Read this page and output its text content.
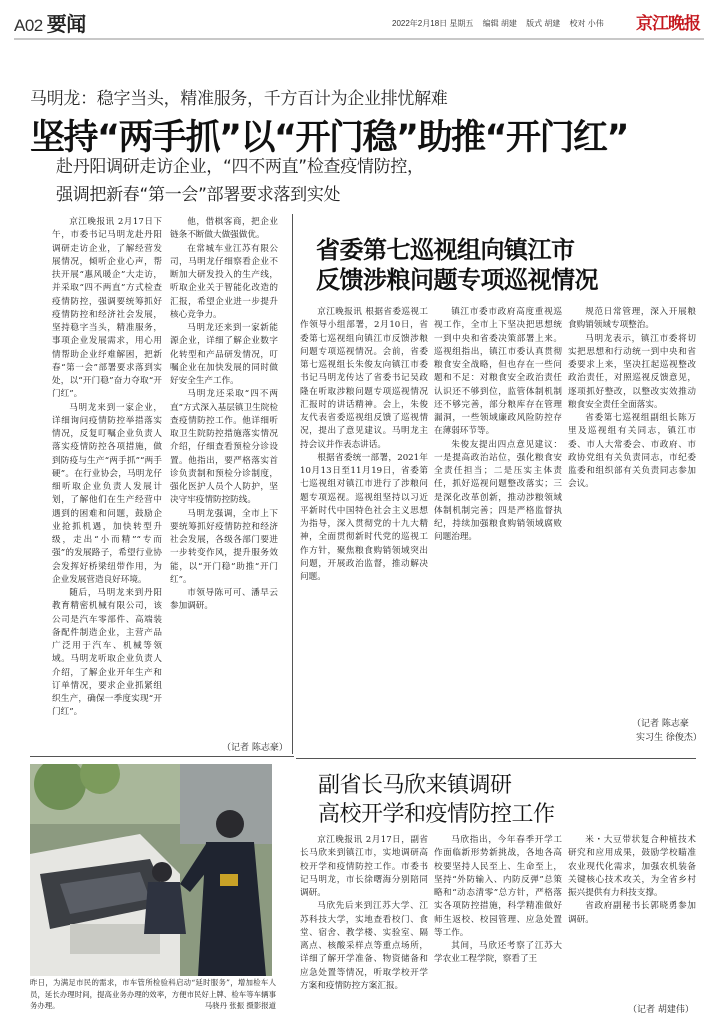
A02 要闻	2022年2月18日 星期五 编辑 胡建 版式 胡建 校对 小伟	京江晚报
马明龙：稳字当头，精准服务，千方百计为企业排忧解难
坚持“两手抓”以“开门稳”助推“开门红”
赴丹阳调研走访企业，“四不两直”检查疫情防控，
强调把新春“第一会”部署要求落到实处

京江晚报讯 2月17日下午，市委书记马明龙赴丹阳调研走访企业，了解经营发展情况，倾听企业心声，帮扶开展“惠风暖企”大走访，并采取“四不两直”方式检查疫情防控，强调要统筹抓好疫情防控和经济社会发展，坚持稳字当头，精准服务，事项企业发展需求，用心用情帮助企业纾难解困，把新春“第一会”部署要求落到实处，以“开门稳”奋力夺取“开门红”。

马明龙来到一家企业，详细询问疫情防控举措落实情况，反复叮嘱企业负责人落实疫情防控各项措施，做到防疫与生产“两手抓”“两手硬”。在行业协会，马明龙仔细听取企业负责人发展计划，了解他们在生产经营中遇到的困难和问题，鼓励企业抢抓机遇，加快转型升级，走出“小而精”“专而强”的发展路子，希望行业协会发挥好桥梁纽带作用，为企业发展营造良好环境。

随后，马明龙来到丹阳教育精密机械有限公司，该公司是汽车零部件、高端装备配件制造企业，主营产品广泛用于汽车、机械等领域。马明龙听取企业负责人介绍，了解企业开年生产和订单情况，要求企业抓紧组织生产，确保一季度实现“开门红”。

他，借棋客商，把企业链条不断做大做强做优。

在常城车业江苏有限公司，马明龙仔细察看企业不断加大研发投入的生产线，听取企业关于智能化改造的汇报，希望企业进一步提升核心竞争力。

马明龙还来到一家新能源企业，详细了解企业数字化转型和产品研发情况，叮嘱企业在加快发展的同时做好安全生产工作。

马明龙还采取“四不两直”方式深入基层镇卫生院检查疫情防控工作。他详细听取卫生院防控措施落实情况介绍，仔细查看预检分诊设置。他指出，要严格落实首诊负责制和预检分诊制度，强化医护人员个人防护，坚决守牢疫情防控防线。

马明龙强调，全市上下要统筹抓好疫情防控和经济社会发展，各级各部门要进一步转变作风，提升服务效能，以“开门稳”助推“开门红”。

市领导陈可可、潘早云参加调研。

（记者 陈志豪）
省委第七巡视组向镇江市
反馈涉粮问题专项巡视情况

京江晚报讯 根据省委巡视工作领导小组部署，2月10日，省委第七巡视组向镇江市反馈涉粮问题专项巡视情况。会前，省委第七巡视组长朱俊友向镇江市委书记马明龙传达了省委书记吴政隆在听取涉粮问题专项巡视情况汇报时的讲话精神。会上，朱俊友代表省委巡视组反馈了巡视情况，提出了意见建议。马明龙主持会议并作表态讲话。

根据省委统一部署，2021年10月13日至11月19日，省委第七巡视组对镇江市进行了涉粮问题专项巡视。巡视组坚持以习近平新时代中国特色社会主义思想为指导，深入贯彻党的十九大精神，全面贯彻新时代党的巡视工作方针，聚焦粮食购销领域突出问题，开展政治监督，推动解决问题。

镇江市委市政府高度重视巡视工作，全市上下坚决把思想统一到中央和省委决策部署上来。巡视组指出，镇江市委认真贯彻粮食安全战略，但也存在一些问题和不足：对粮食安全政治责任认识还不够到位，监管体制机制还不够完善，部分粮库存在管理漏洞，一些领域廉政风险防控存在薄弱环节等。

朱俊友提出四点意见建议：一是提高政治站位，强化粮食安全责任担当；二是压实主体责任，抓好巡视问题整改落实；三是深化改革创新，推动涉粮领域体制机制完善；四是严格监督执纪，持续加强粮食购销领域腐败问题治理。

规范日常管理，深入开展粮食购销领域专项整治。

马明龙表示，镇江市委将切实把思想和行动统一到中央和省委要求上来，坚决扛起巡视整改政治责任，对照巡视反馈意见，逐项抓好整改，以整改实效推动粮食安全责任全面落实。

省委第七巡视组副组长陈万里及巡视组有关同志，镇江市委、市人大常委会、市政府、市政协党组有关负责同志，市纪委监委和组织部有关负责同志参加会议。

（记者 陈志豪
实习生 徐俊杰）
副省长马欣来镇调研
高校开学和疫情防控工作

京江晚报讯 2月17日，副省长马欣来到镇江市，实地调研高校开学和疫情防控工作。市委书记马明龙，市长徐曙海分别陪同调研。

马欣先后来到江苏大学、江苏科技大学，实地查看校门、食堂、宿舍、教学楼、实验室、隔离点、核酸采样点等重点场所，详细了解开学准备、物资储备和应急处置等情况，听取学校开学方案和疫情防控方案汇报。

马欣指出，今年春季开学工作面临新形势新挑战，各地各高校要坚持人民至上、生命至上，坚持“外防输入、内防反弹”总策略和“动态清零”总方针，严格落实各项防控措施，科学精准做好师生返校、校园管理、应急处置等工作。

其间，马欣还考察了江苏大学农业工程学院，察看了王

米・大豆带状复合种植技术研究和应用成果，鼓励学校瞄准农业现代化需求，加强农机装备关键核心技术攻关，为全省乡村振兴提供有力科技支撑。

省政府副秘书长郭晓勇参加调研。

（记者 胡建伟）
昨日，为满足市民的需求，市车管所检验科启动“延时服务”，增加检车人员，延长办理时间，提高业务办理的效率，方便市民好上牌、检车等车辆事务办理。	马骁丹 张振 摄影报道
